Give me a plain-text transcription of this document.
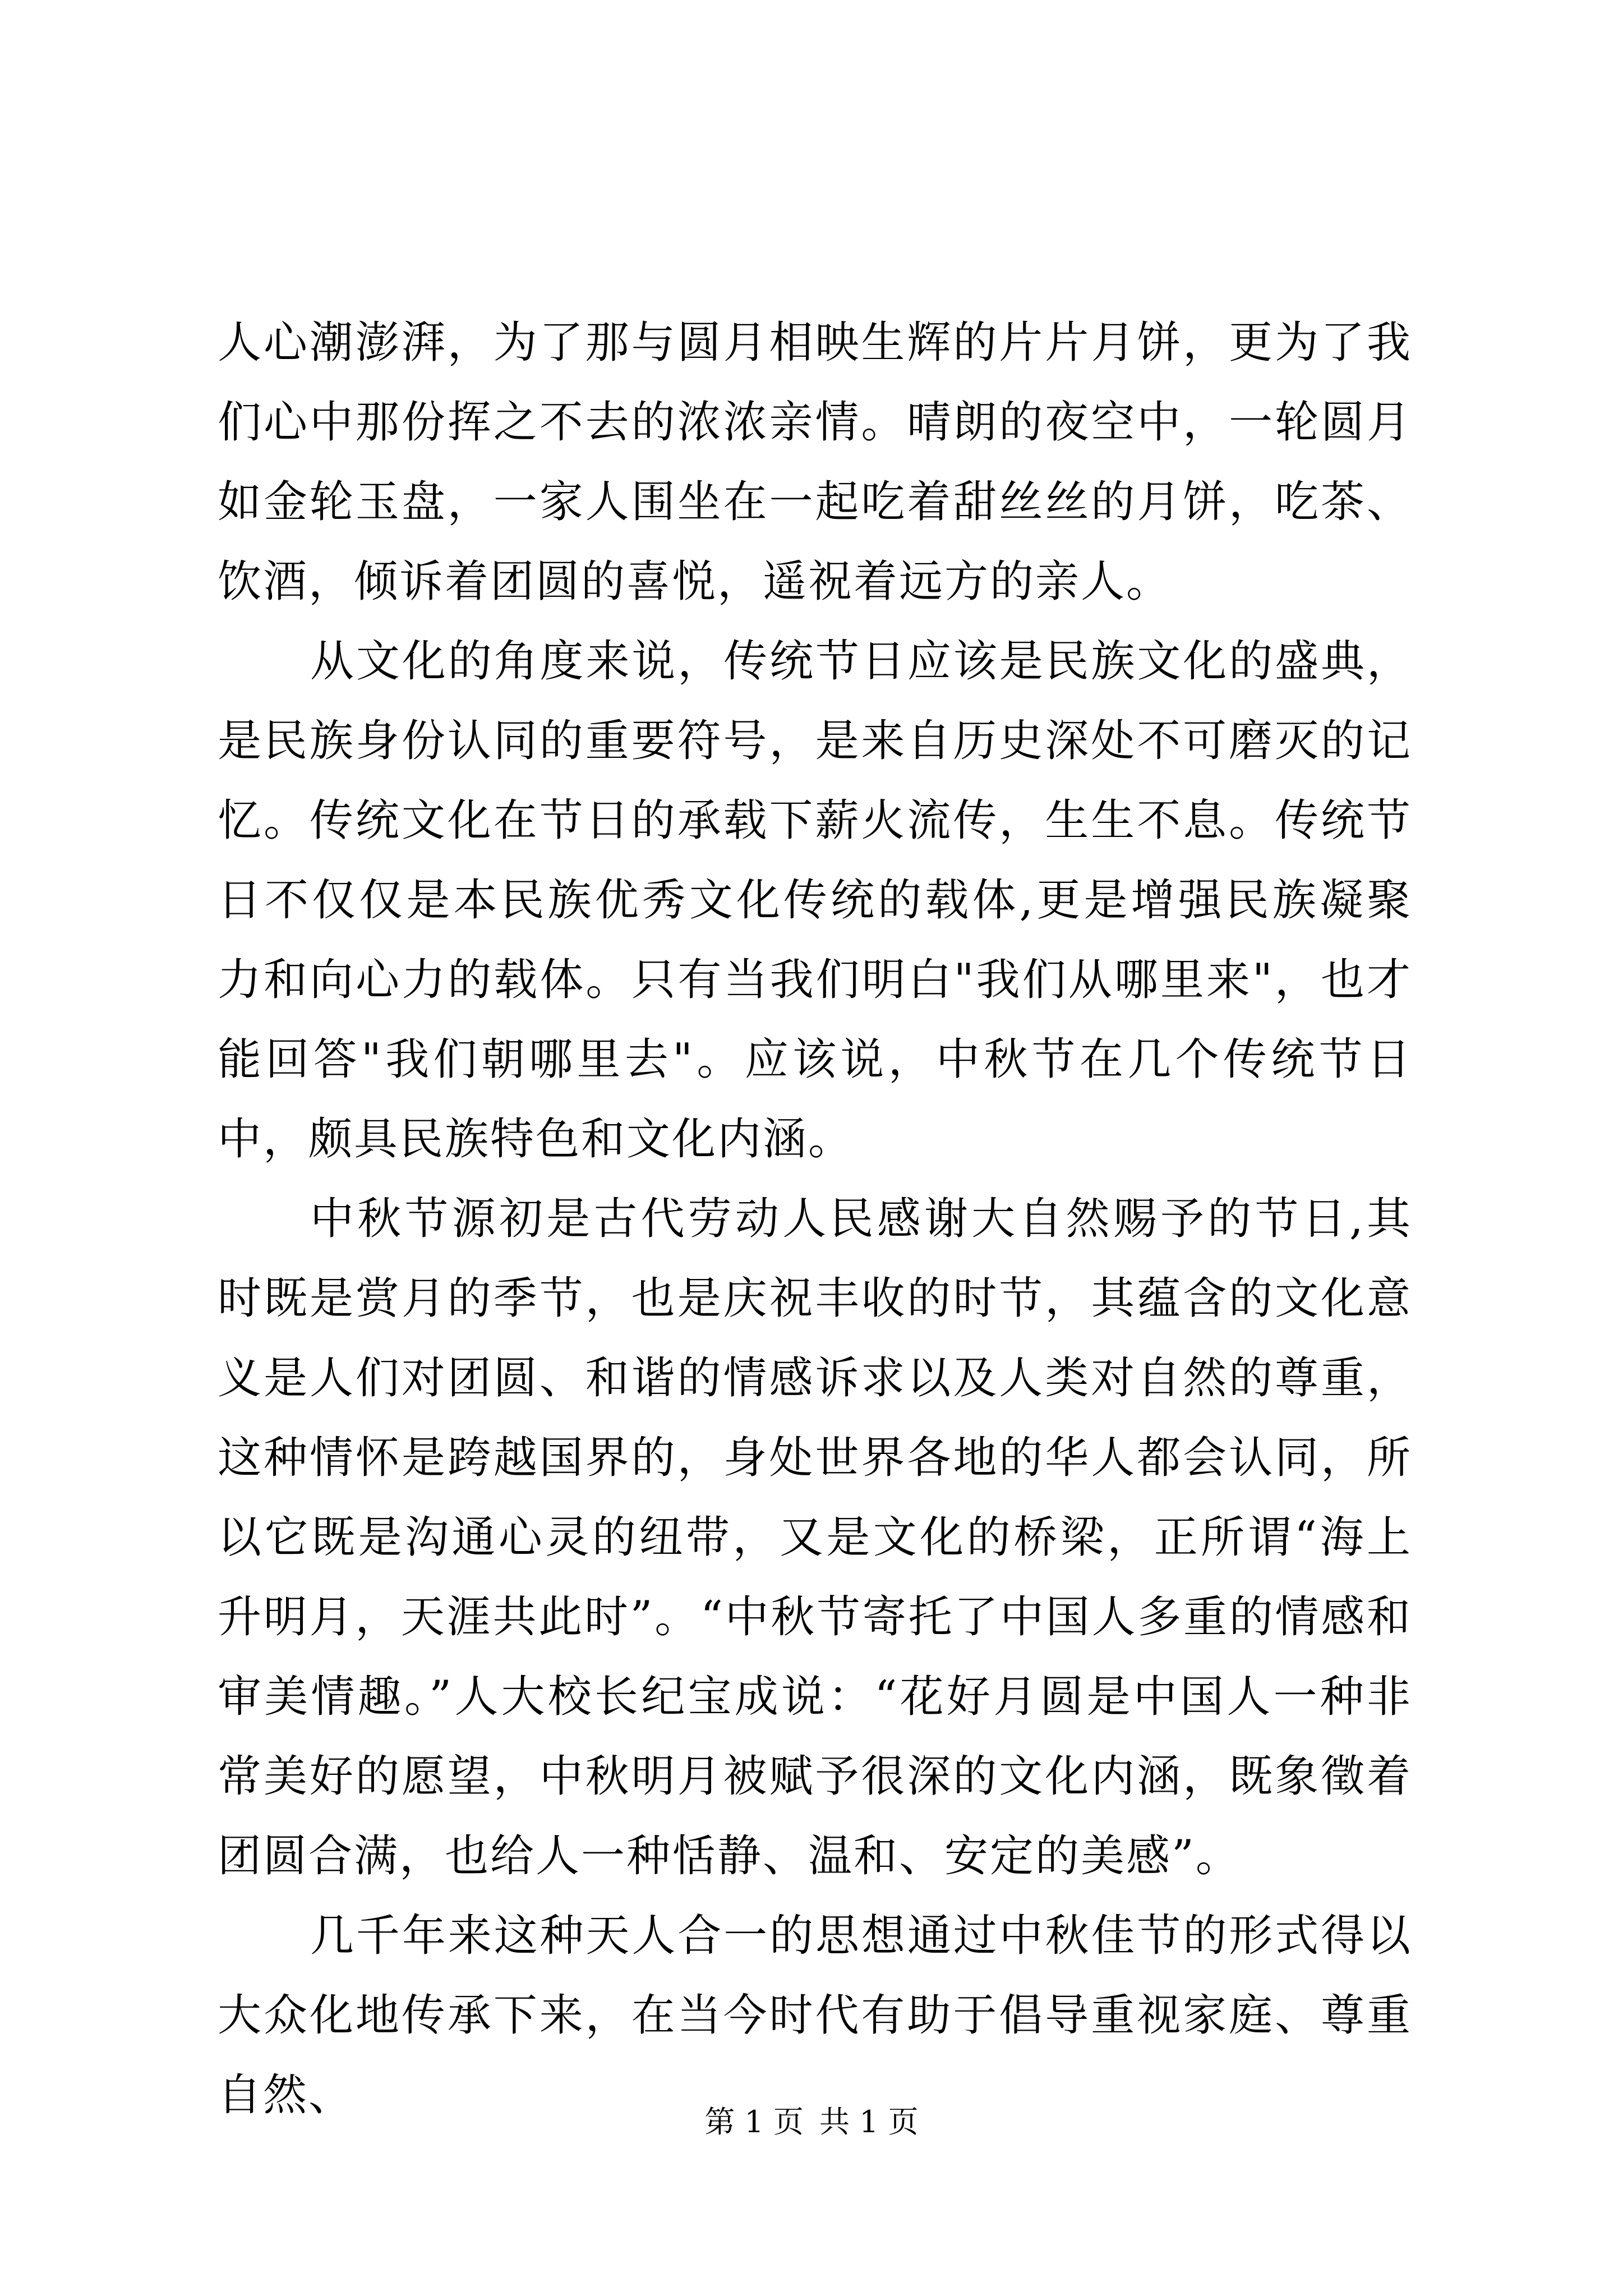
人心潮澎湃，为了那与圆月相映生辉的片片月饼，更为了我们心中那份挥之不去的浓浓亲情。晴朗的夜空中，一轮圆月如金轮玉盘，一家人围坐在一起吃着甜丝丝的月饼，吃茶、饮酒，倾诉着团圆的喜悦，遥祝着远方的亲人。

从文化的角度来说，传统节日应该是民族文化的盛典，是民族身份认同的重要符号，是来自历史深处不可磨灭的记忆。传统文化在节日的承载下薪火流传，生生不息。传统节日不仅仅是本民族优秀文化传统的载体,更是增强民族凝聚力和向心力的载体。只有当我们明白"我们从哪里来"，也才能回答"我们朝哪里去"。应该说，中秋节在几个传统节日中，颇具民族特色和文化内涵。

中秋节源初是古代劳动人民感谢大自然赐予的节日,其时既是赏月的季节，也是庆祝丰收的时节，其蕴含的文化意义是人们对团圆、和谐的情感诉求以及人类对自然的尊重，这种情怀是跨越国界的，身处世界各地的华人都会认同，所以它既是沟通心灵的纽带，又是文化的桥梁，正所谓“海上升明月，天涯共此时”。“中秋节寄托了中国人多重的情感和审美情趣。”人大校长纪宝成说：“花好月圆是中国人一种非常美好的愿望，中秋明月被赋予很深的文化内涵，既象徵着团圆合满，也给人一种恬静、温和、安定的美感”。

几千年来这种天人合一的思想通过中秋佳节的形式得以大众化地传承下来，在当今时代有助于倡导重视家庭、尊重自然、

第 1 页 共 1 页
